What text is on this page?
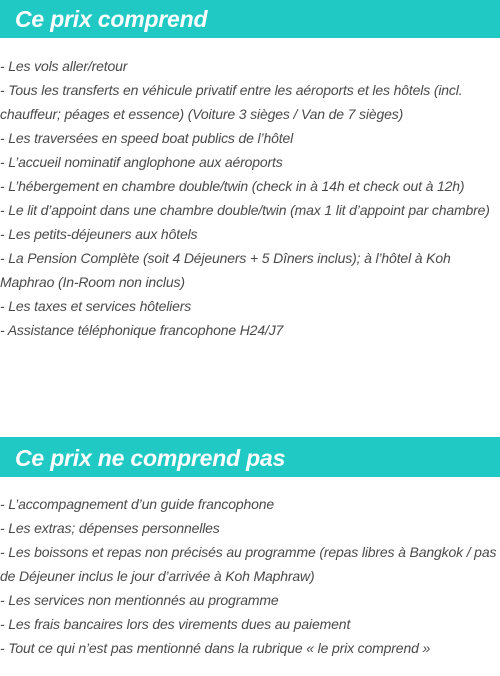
Ce prix comprend
- Les vols aller/retour
- Tous les transferts en véhicule privatif entre les aéroports et les hôtels (incl. chauffeur; péages et essence) (Voiture 3 sièges / Van de 7 sièges)
- Les traversées en speed boat publics de l’hôtel
- L’accueil nominatif anglophone aux aéroports
- L’hébergement en chambre double/twin (check in à 14h et check out à 12h)
- Le lit d’appoint dans une chambre double/twin (max 1 lit d’appoint par chambre)
- Les petits-déjeuners aux hôtels
- La Pension Complète (soit 4 Déjeuners + 5 Dîners inclus); à l’hôtel à Koh Maphrao (In-Room non inclus)
- Les taxes et services hôteliers
- Assistance téléphonique francophone H24/J7
Ce prix ne comprend pas
- L’accompagnement d’un guide francophone
- Les extras; dépenses personnelles
- Les boissons et repas non précisés au programme (repas libres à Bangkok / pas de Déjeuner inclus le jour d’arrivée à Koh Maphraw)
- Les services non mentionnés au programme
- Les frais bancaires lors des virements dues au paiement
- Tout ce qui n’est pas mentionné dans la rubrique « le prix comprend »
